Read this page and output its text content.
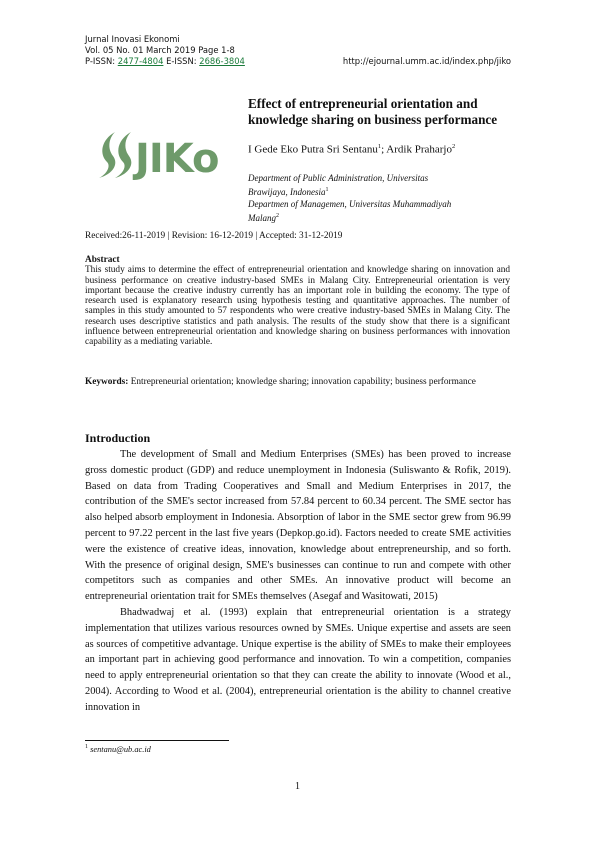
Jurnal Inovasi Ekonomi
Vol. 05 No. 01 March 2019 Page 1-8
P-ISSN: 2477-4804 E-ISSN: 2686-3804	http://ejournal.umm.ac.id/index.php/jiko
JIKo
Effect of entrepreneurial orientation and knowledge sharing on business performance
I Gede Eko Putra Sri Sentanu$^1$; Ardik Praharjo$^2$
Department of Public Administration, Universitas Brawijaya, Indonesia$^1$
Departmen of Managemen, Universitas Muhammadiyah Malang$^2$
Received:26-11-2019 | Revision: 16-12-2019 | Accepted: 31-12-2019
Abstract
This study aims to determine the effect of entrepreneurial orientation and knowledge sharing on innovation and business performance on creative industry-based SMEs in Malang City. Entrepreneurial orientation is very important because the creative industry currently has an important role in building the economy. The type of research used is explanatory research using hypothesis testing and quantitative approaches. The number of samples in this study amounted to 57 respondents who were creative industry-based SMEs in Malang City. The research uses descriptive statistics and path analysis. The results of the study show that there is a significant influence between entrepreneurial orientation and knowledge sharing on business performances with innovation capability as a mediating variable.
Keywords: Entrepreneurial orientation; knowledge sharing; innovation capability; business performance
Introduction

The development of Small and Medium Enterprises (SMEs) has been proved to increase gross domestic product (GDP) and reduce unemployment in Indonesia (Suliswanto & Rofik, 2019). Based on data from Trading Cooperatives and Small and Medium Enterprises in 2017, the contribution of the SME's sector increased from 57.84 percent to 60.34 percent. The SME sector has also helped absorb employment in Indonesia. Absorption of labor in the SME sector grew from 96.99 percent to 97.22 percent in the last five years (Depkop.go.id). Factors needed to create SME activities were the existence of creative ideas, innovation, knowledge about entrepreneurship, and so forth. With the presence of original design, SME's businesses can continue to run and compete with other competitors such as companies and other SMEs. An innovative product will become an entrepreneurial orientation trait for SMEs themselves (Asegaf and Wasitowati, 2015)

Bhadwadwaj et al. (1993) explain that entrepreneurial orientation is a strategy implementation that utilizes various resources owned by SMEs. Unique expertise and assets are seen as sources of competitive advantage. Unique expertise is the ability of SMEs to make their employees an important part in achieving good performance and innovation. To win a competition, companies need to apply entrepreneurial orientation so that they can create the ability to innovate (Wood et al., 2004). According to Wood et al. (2004), entrepreneurial orientation is the ability to channel creative innovation in

$^1$ sentanu@ub.ac.id
1
